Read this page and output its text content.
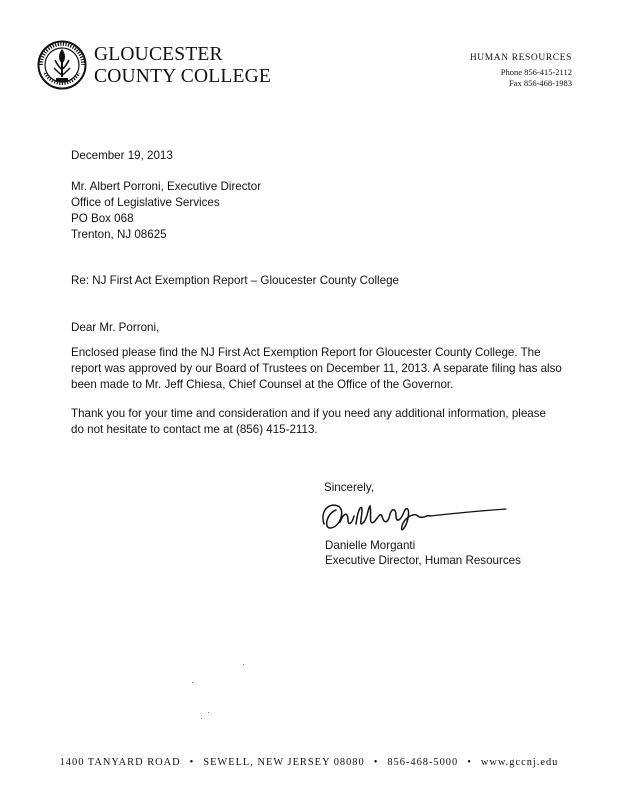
GLOUCESTER
COUNTY COLLEGE
HUMAN RESOURCES
Phone 856-415-2112
Fax 856-468-1983
December 19, 2013
Mr. Albert Porroni, Executive Director
Office of Legislative Services
PO Box 068
Trenton, NJ 08625
Re: NJ First Act Exemption Report – Gloucester County College
Dear Mr. Porroni,
Enclosed please find the NJ First Act Exemption Report for Gloucester County College. The
report was approved by our Board of Trustees on December 11, 2013. A separate filing has also
been made to Mr. Jeff Chiesa, Chief Counsel at the Office of the Governor.
Thank you for your time and consideration and if you need any additional information, please
do not hesitate to contact me at (856) 415-2113.
Sincerely,
Danielle Morganti
Executive Director, Human Resources
1400 TANYARD ROAD • SEWELL, NEW JERSEY 08080 • 856-468-5000 • www.gccnj.edu
